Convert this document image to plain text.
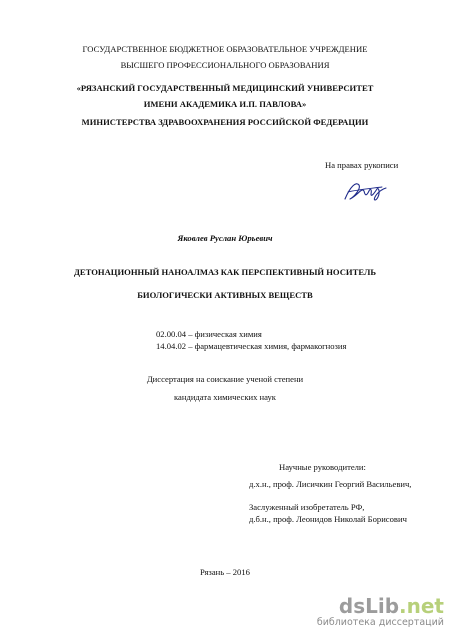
ГОСУДАРСТВЕННОЕ БЮДЖЕТНОЕ ОБРАЗОВАТЕЛЬНОЕ УЧРЕЖДЕНИЕ
ВЫСШЕГО ПРОФЕССИОНАЛЬНОГО ОБРАЗОВАНИЯ
«РЯЗАНСКИЙ ГОСУДАРСТВЕННЫЙ МЕДИЦИНСКИЙ УНИВЕРСИТЕТ
ИМЕНИ АКАДЕМИКА И.П. ПАВЛОВА»
МИНИСТЕРСТВА ЗДРАВООХРАНЕНИЯ РОССИЙСКОЙ ФЕДЕРАЦИИ
На правах рукописи
Яковлев Руслан Юрьевич
ДЕТОНАЦИОННЫЙ НАНОАЛМАЗ КАК ПЕРСПЕКТИВНЫЙ НОСИТЕЛЬ
БИОЛОГИЧЕСКИ АКТИВНЫХ ВЕЩЕСТВ
02.00.04 – физическая химия
14.04.02 – фармацевтическая химия, фармакогнозия
Диссертация на соискание ученой степени
кандидата химических наук
Научные руководители:
д.х.н., проф. Лисичкин Георгий Васильевич,
Заслуженный изобретатель РФ,
д.б.н., проф. Леонидов Николай Борисович
Рязань – 2016
dsLib.net
библиотека диссертаций
